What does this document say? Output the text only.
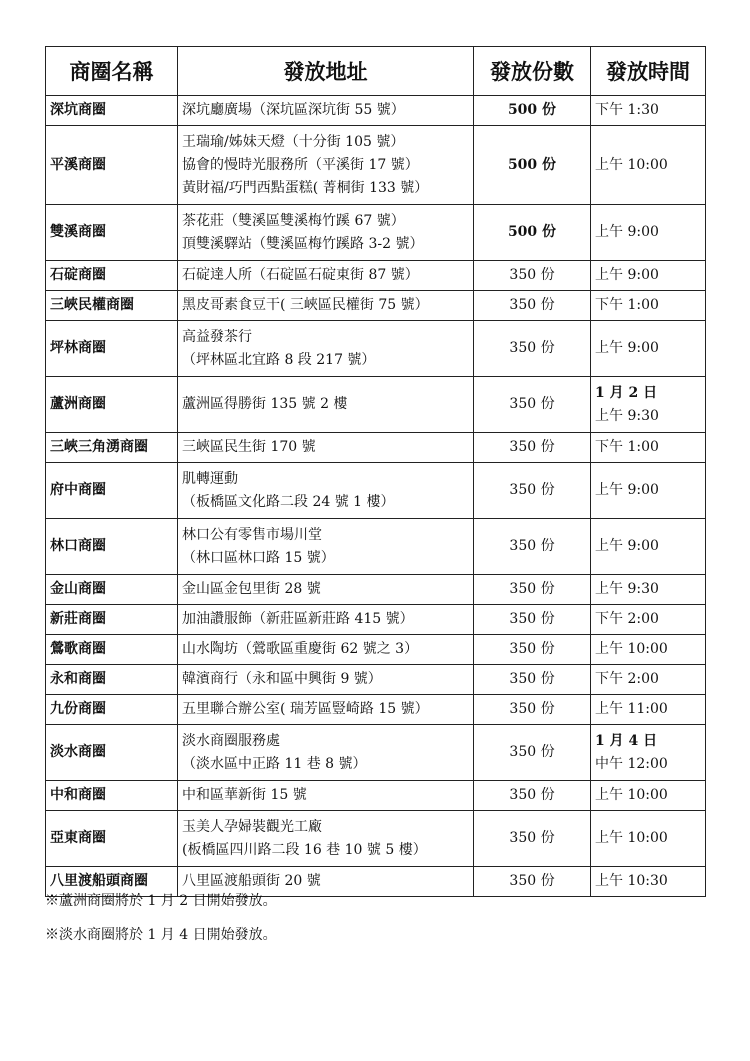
商圈名稱	發放地址	發放份數	發放時間
深坑商圈	深坑廳廣場（深坑區深坑街 55 號）	500 份	下午 1:30
平溪商圈	王瑞瑜/姊妹天燈（十分街 105 號）
協會的慢時光服務所（平溪街 17 號）
黃財福/巧門西點蛋糕( 菁桐街 133 號）	500 份	上午 10:00
雙溪商圈	茶花莊（雙溪區雙溪梅竹蹊 67 號）
頂雙溪驛站（雙溪區梅竹蹊路 3-2 號）	500 份	上午 9:00
石碇商圈	石碇達人所（石碇區石碇東街 87 號）	350 份	上午 9:00
三峽民權商圈	黑皮哥素食豆干( 三峽區民權街 75 號）	350 份	下午 1:00
坪林商圈	高益發茶行
（坪林區北宜路 8 段 217 號）	350 份	上午 9:00
蘆洲商圈	蘆洲區得勝街 135 號 2 樓	350 份	1 月 2 日
上午 9:30
三峽三角湧商圈	三峽區民生街 170 號	350 份	下午 1:00
府中商圈	肌轉運動
（板橋區文化路二段 24 號 1 樓）	350 份	上午 9:00
林口商圈	林口公有零售市場川堂
（林口區林口路 15 號）	350 份	上午 9:00
金山商圈	金山區金包里街 28 號	350 份	上午 9:30
新莊商圈	加油讚服飾（新莊區新莊路 415 號）	350 份	下午 2:00
鶯歌商圈	山水陶坊（鶯歌區重慶街 62 號之 3）	350 份	上午 10:00
永和商圈	韓濱商行（永和區中興街 9 號）	350 份	下午 2:00
九份商圈	五里聯合辦公室( 瑞芳區豎崎路 15 號）	350 份	上午 11:00
淡水商圈	淡水商圈服務處
（淡水區中正路 11 巷 8 號）	350 份	1 月 4 日
中午 12:00
中和商圈	中和區華新街 15 號	350 份	上午 10:00
亞東商圈	玉美人孕婦裝觀光工廠
(板橋區四川路二段 16 巷 10 號 5 樓）	350 份	上午 10:00
八里渡船頭商圈	八里區渡船頭街 20 號	350 份	上午 10:30
※蘆洲商圈將於 1 月 2 日開始發放。
※淡水商圈將於 1 月 4 日開始發放。
